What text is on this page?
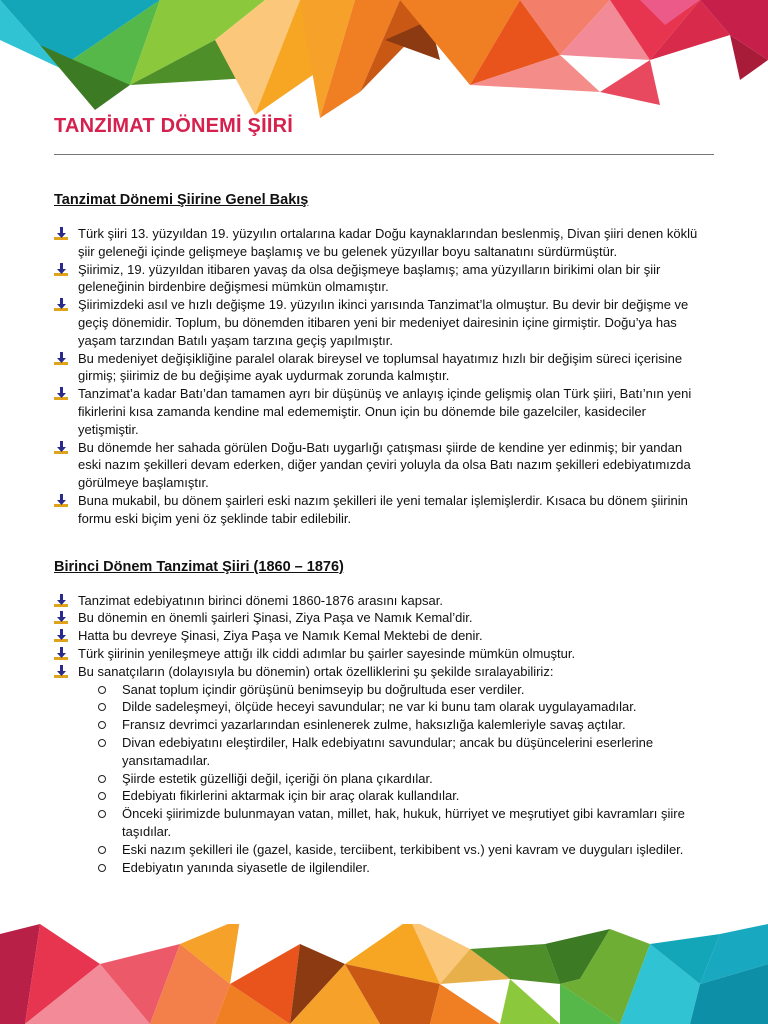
TANZİMAT DÖNEMİ ŞİİRİ
Tanzimat Dönemi Şiirine Genel Bakış
Türk şiiri 13. yüzyıldan 19. yüzyılın ortalarına kadar Doğu kaynaklarından beslenmiş, Divan şiiri denen köklü şiir geleneği içinde gelişmeye başlamış ve bu gelenek yüzyıllar boyu saltanatını sürdürmüştür.
Şiirimiz, 19. yüzyıldan itibaren yavaş da olsa değişmeye başlamış; ama yüzyılların birikimi olan bir şiir geleneğinin birdenbire değişmesi mümkün olmamıştır.
Şiirimizdeki asıl ve hızlı değişme 19. yüzyılın ikinci yarısında Tanzimat’la olmuştur. Bu devir bir değişme ve geçiş dönemidir. Toplum, bu dönemden itibaren yeni bir medeniyet dairesinin içine girmiştir. Doğu’ya has yaşam tarzından Batılı yaşam tarzına geçiş yapılmıştır.
Bu medeniyet değişikliğine paralel olarak bireysel ve toplumsal hayatımız hızlı bir değişim süreci içerisine girmiş; şiirimiz de bu değişime ayak uydurmak zorunda kalmıştır.
Tanzimat’a kadar Batı’dan tamamen ayrı bir düşünüş ve anlayış içinde gelişmiş olan Türk şiiri, Batı’nın yeni fikirlerini kısa zamanda kendine mal edememiştir. Onun için bu dönemde bile gazelciler, kasideciler yetişmiştir.
Bu dönemde her sahada görülen Doğu-Batı uygarlığı çatışması şiirde de kendine yer edinmiş; bir yandan eski nazım şekilleri devam ederken, diğer yandan çeviri yoluyla da olsa Batı nazım şekilleri edebiyatımızda görülmeye başlamıştır.
Buna mukabil, bu dönem şairleri eski nazım şekilleri ile yeni temalar işlemişlerdir. Kısaca bu dönem şiirinin formu eski biçim yeni öz şeklinde tabir edilebilir.
Birinci Dönem Tanzimat Şiiri (1860 – 1876)
Tanzimat edebiyatının birinci dönemi 1860-1876 arasını kapsar.
Bu dönemin en önemli şairleri Şinasi, Ziya Paşa ve Namık Kemal’dir.
Hatta bu devreye Şinasi, Ziya Paşa ve Namık Kemal Mektebi de denir.
Türk şiirinin yenileşmeye attığı ilk ciddi adımlar bu şairler sayesinde mümkün olmuştur.
Bu sanatçıların (dolayısıyla bu dönemin) ortak özelliklerini şu şekilde sıralayabiliriz:
Sanat toplum içindir görüşünü benimseyip bu doğrultuda eser verdiler.
Dilde sadeleşmeyi, ölçüde heceyi savundular; ne var ki bunu tam olarak uygulayamadılar.
Fransız devrimci yazarlarından esinlenerek zulme, haksızlığa kalemleriyle savaş açtılar.
Divan edebiyatını eleştirdiler, Halk edebiyatını savundular; ancak bu düşüncelerini eserlerine yansıtamadılar.
Şiirde estetik güzelliği değil, içeriği ön plana çıkardılar.
Edebiyatı fikirlerini aktarmak için bir araç olarak kullandılar.
Önceki şiirimizde bulunmayan vatan, millet, hak, hukuk, hürriyet ve meşrutiyet gibi kavramları şiire taşıdılar.
Eski nazım şekilleri ile (gazel, kaside, terciibent, terkibibent vs.) yeni kavram ve duyguları işlediler.
Edebiyatın yanında siyasetle de ilgilendiler.
